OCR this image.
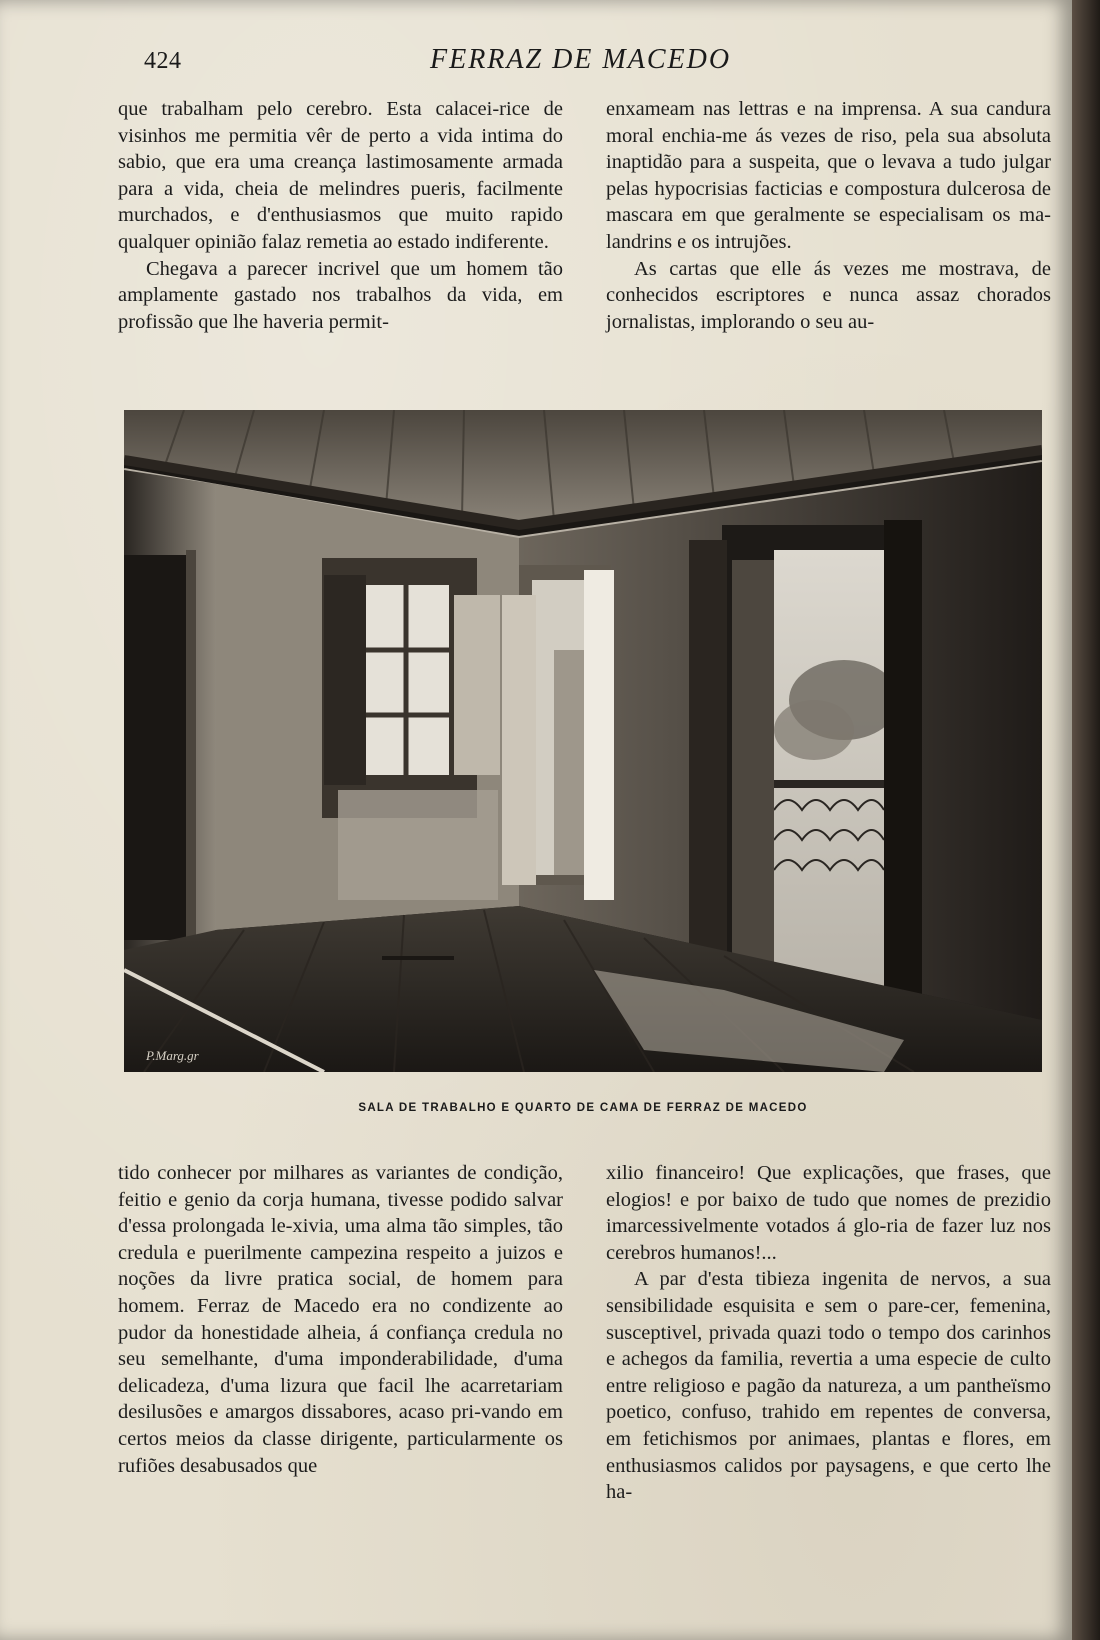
424	FERRAZ DE MACEDO

que trabalham pelo cerebro. Esta calacei-rice de visinhos me permitia vêr de perto a vida intima do sabio, que era uma creança lastimosamente armada para a vida, cheia de melindres pueris, facilmente murchados, e d'enthusiasmos que muito rapido qualquer opinião falaz remetia ao estado indiferente.

Chegava a parecer incrivel que um homem tão amplamente gastado nos trabalhos da vida, em profissão que lhe haveria permit-

enxameam nas lettras e na imprensa. A sua candura moral enchia-me ás vezes de riso, pela sua absoluta inaptidão para a suspeita, que o levava a tudo julgar pelas hypocrisias facticias e compostura dulcerosa de mascara em que geralmente se especialisam os ma-landrins e os intrujões.

As cartas que elle ás vezes me mostrava, de conhecidos escriptores e nunca assaz chorados jornalistas, implorando o seu au-

P.Marg.gr
SALA DE TRABALHO E QUARTO DE CAMA DE FERRAZ DE MACEDO

tido conhecer por milhares as variantes de condição, feitio e genio da corja humana, tivesse podido salvar d'essa prolongada le-xivia, uma alma tão simples, tão credula e puerilmente campezina respeito a juizos e noções da livre pratica social, de homem para homem. Ferraz de Macedo era no condizente ao pudor da honestidade alheia, á confiança credula no seu semelhante, d'uma imponderabilidade, d'uma delicadeza, d'uma lizura que facil lhe acarretariam desilusões e amargos dissabores, acaso pri-vando em certos meios da classe dirigente, particularmente os rufiões desabusados que

xilio financeiro! Que explicações, que frases, que elogios! e por baixo de tudo que nomes de prezidio imarcessivelmente votados á glo-ria de fazer luz nos cerebros humanos!...

A par d'esta tibieza ingenita de nervos, a sua sensibilidade esquisita e sem o pare-cer, femenina, susceptivel, privada quazi todo o tempo dos carinhos e achegos da familia, revertia a uma especie de culto entre religioso e pagão da natureza, a um pantheïsmo poetico, confuso, trahido em repentes de conversa, em fetichismos por animaes, plantas e flores, em enthusiasmos calidos por paysagens, e que certo lhe ha-
